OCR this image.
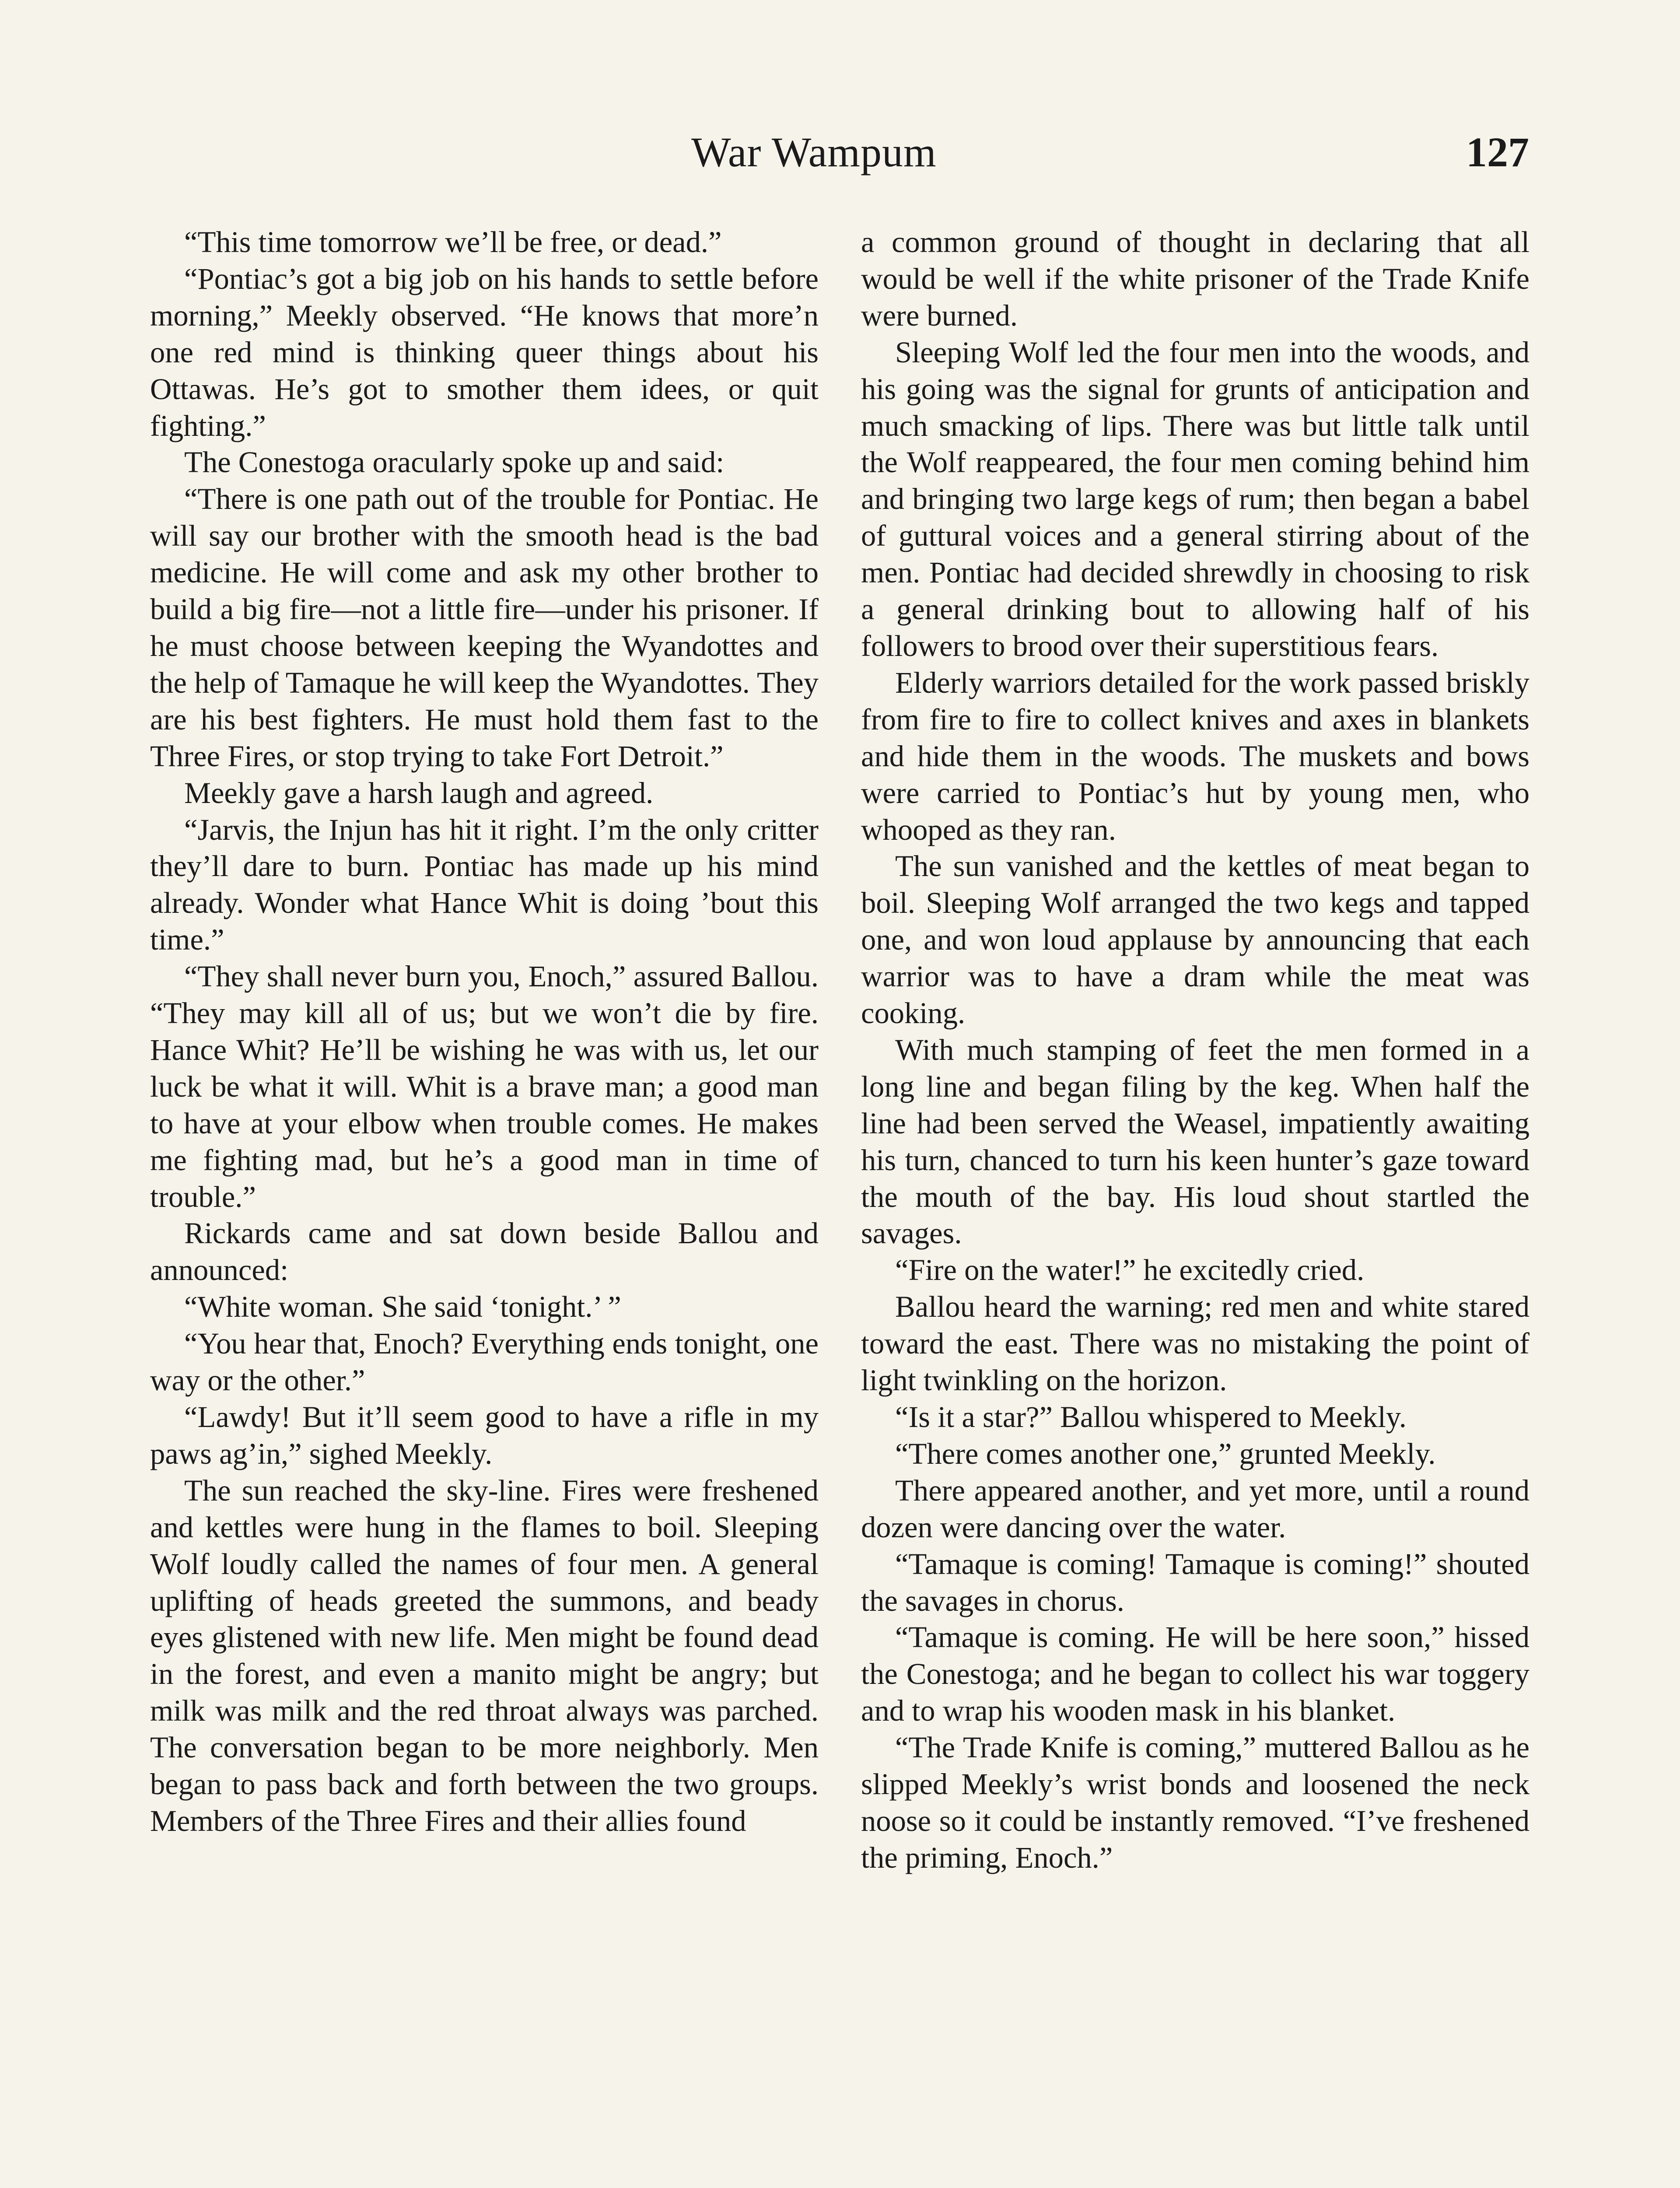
War Wampum	127

“This time tomorrow we’ll be free, or dead.”

“Pontiac’s got a big job on his hands to settle before morning,” Meekly observed. “He knows that more’n one red mind is thinking queer things about his Ottawas. He’s got to smother them idees, or quit fighting.”

The Conestoga oracularly spoke up and said:

“There is one path out of the trouble for Pontiac. He will say our brother with the smooth head is the bad medicine. He will come and ask my other brother to build a big fire—not a little fire—under his prisoner. If he must choose between keeping the Wyandottes and the help of Tamaque he will keep the Wyandottes. They are his best fighters. He must hold them fast to the Three Fires, or stop trying to take Fort Detroit.”

Meekly gave a harsh laugh and agreed.

“Jarvis, the Injun has hit it right. I’m the only critter they’ll dare to burn. Pontiac has made up his mind already. Wonder what Hance Whit is doing ’bout this time.”

“They shall never burn you, Enoch,” assured Ballou. “They may kill all of us; but we won’t die by fire. Hance Whit? He’ll be wishing he was with us, let our luck be what it will. Whit is a brave man; a good man to have at your elbow when trouble comes. He makes me fighting mad, but he’s a good man in time of trouble.”

Rickards came and sat down beside Ballou and announced:

“White woman. She said ‘tonight.’ ”

“You hear that, Enoch? Everything ends tonight, one way or the other.”

“Lawdy! But it’ll seem good to have a rifle in my paws ag’in,” sighed Meekly.

The sun reached the sky-line. Fires were freshened and kettles were hung in the flames to boil. Sleeping Wolf loudly called the names of four men. A general uplifting of heads greeted the summons, and beady eyes glistened with new life. Men might be found dead in the forest, and even a manito might be angry; but milk was milk and the red throat always was parched. The conversation began to be more neighborly. Men began to pass back and forth between the two groups. Members of the Three Fires and their allies found

a common ground of thought in declaring that all would be well if the white prisoner of the Trade Knife were burned.

Sleeping Wolf led the four men into the woods, and his going was the signal for grunts of anticipation and much smacking of lips. There was but little talk until the Wolf reappeared, the four men coming behind him and bringing two large kegs of rum; then began a babel of guttural voices and a general stirring about of the men. Pontiac had decided shrewdly in choosing to risk a general drinking bout to allowing half of his followers to brood over their superstitious fears.

Elderly warriors detailed for the work passed briskly from fire to fire to collect knives and axes in blankets and hide them in the woods. The muskets and bows were carried to Pontiac’s hut by young men, who whooped as they ran.

The sun vanished and the kettles of meat began to boil. Sleeping Wolf arranged the two kegs and tapped one, and won loud applause by announcing that each warrior was to have a dram while the meat was cooking.

With much stamping of feet the men formed in a long line and began filing by the keg. When half the line had been served the Weasel, impatiently awaiting his turn, chanced to turn his keen hunter’s gaze toward the mouth of the bay. His loud shout startled the savages.

“Fire on the water!” he excitedly cried.

Ballou heard the warning; red men and white stared toward the east. There was no mistaking the point of light twinkling on the horizon.

“Is it a star?” Ballou whispered to Meekly.

“There comes another one,” grunted Meekly.

There appeared another, and yet more, until a round dozen were dancing over the water.

“Tamaque is coming! Tamaque is coming!” shouted the savages in chorus.

“Tamaque is coming. He will be here soon,” hissed the Conestoga; and he began to collect his war toggery and to wrap his wooden mask in his blanket.

“The Trade Knife is coming,” muttered Ballou as he slipped Meekly’s wrist bonds and loosened the neck noose so it could be instantly removed. “I’ve freshened the priming, Enoch.”
